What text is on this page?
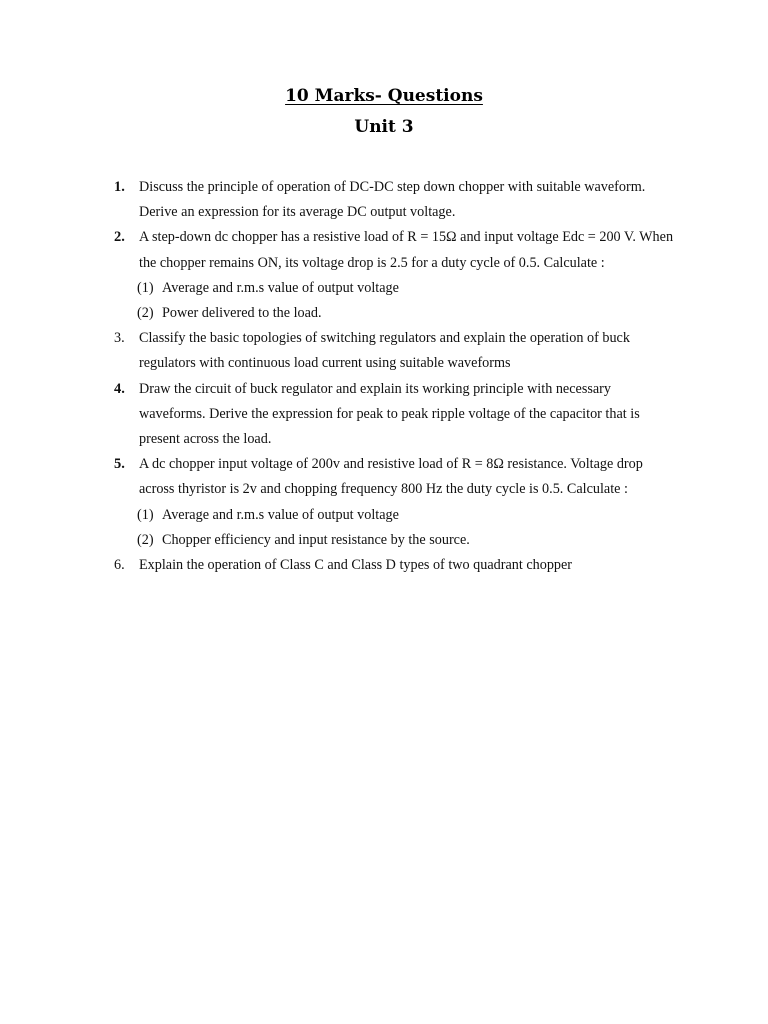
10 Marks- Questions
Unit 3
1. Discuss the principle of operation of DC-DC step down chopper with suitable waveform. Derive an expression for its average DC output voltage.
2. A step-down dc chopper has a resistive load of R = 15Ω and input voltage Edc = 200 V. When the chopper remains ON, its voltage drop is 2.5 for a duty cycle of 0.5. Calculate :
(1) Average and r.m.s value of output voltage
(2) Power delivered to the load.
3.	Classify the basic topologies of switching regulators and explain the operation of buck regulators with continuous load current using suitable waveforms
4. Draw the circuit of buck regulator and explain its working principle with necessary waveforms. Derive the expression for peak to peak ripple voltage of the capacitor that is present across the load.
5. A dc chopper input voltage of 200v and resistive load of R = 8Ω resistance. Voltage drop across thyristor is 2v and chopping frequency 800 Hz the duty cycle is 0.5. Calculate :
(1) Average and r.m.s value of output voltage
(2) Chopper efficiency and input resistance by the source.
6.	Explain the operation of Class C and Class D types of two quadrant chopper
